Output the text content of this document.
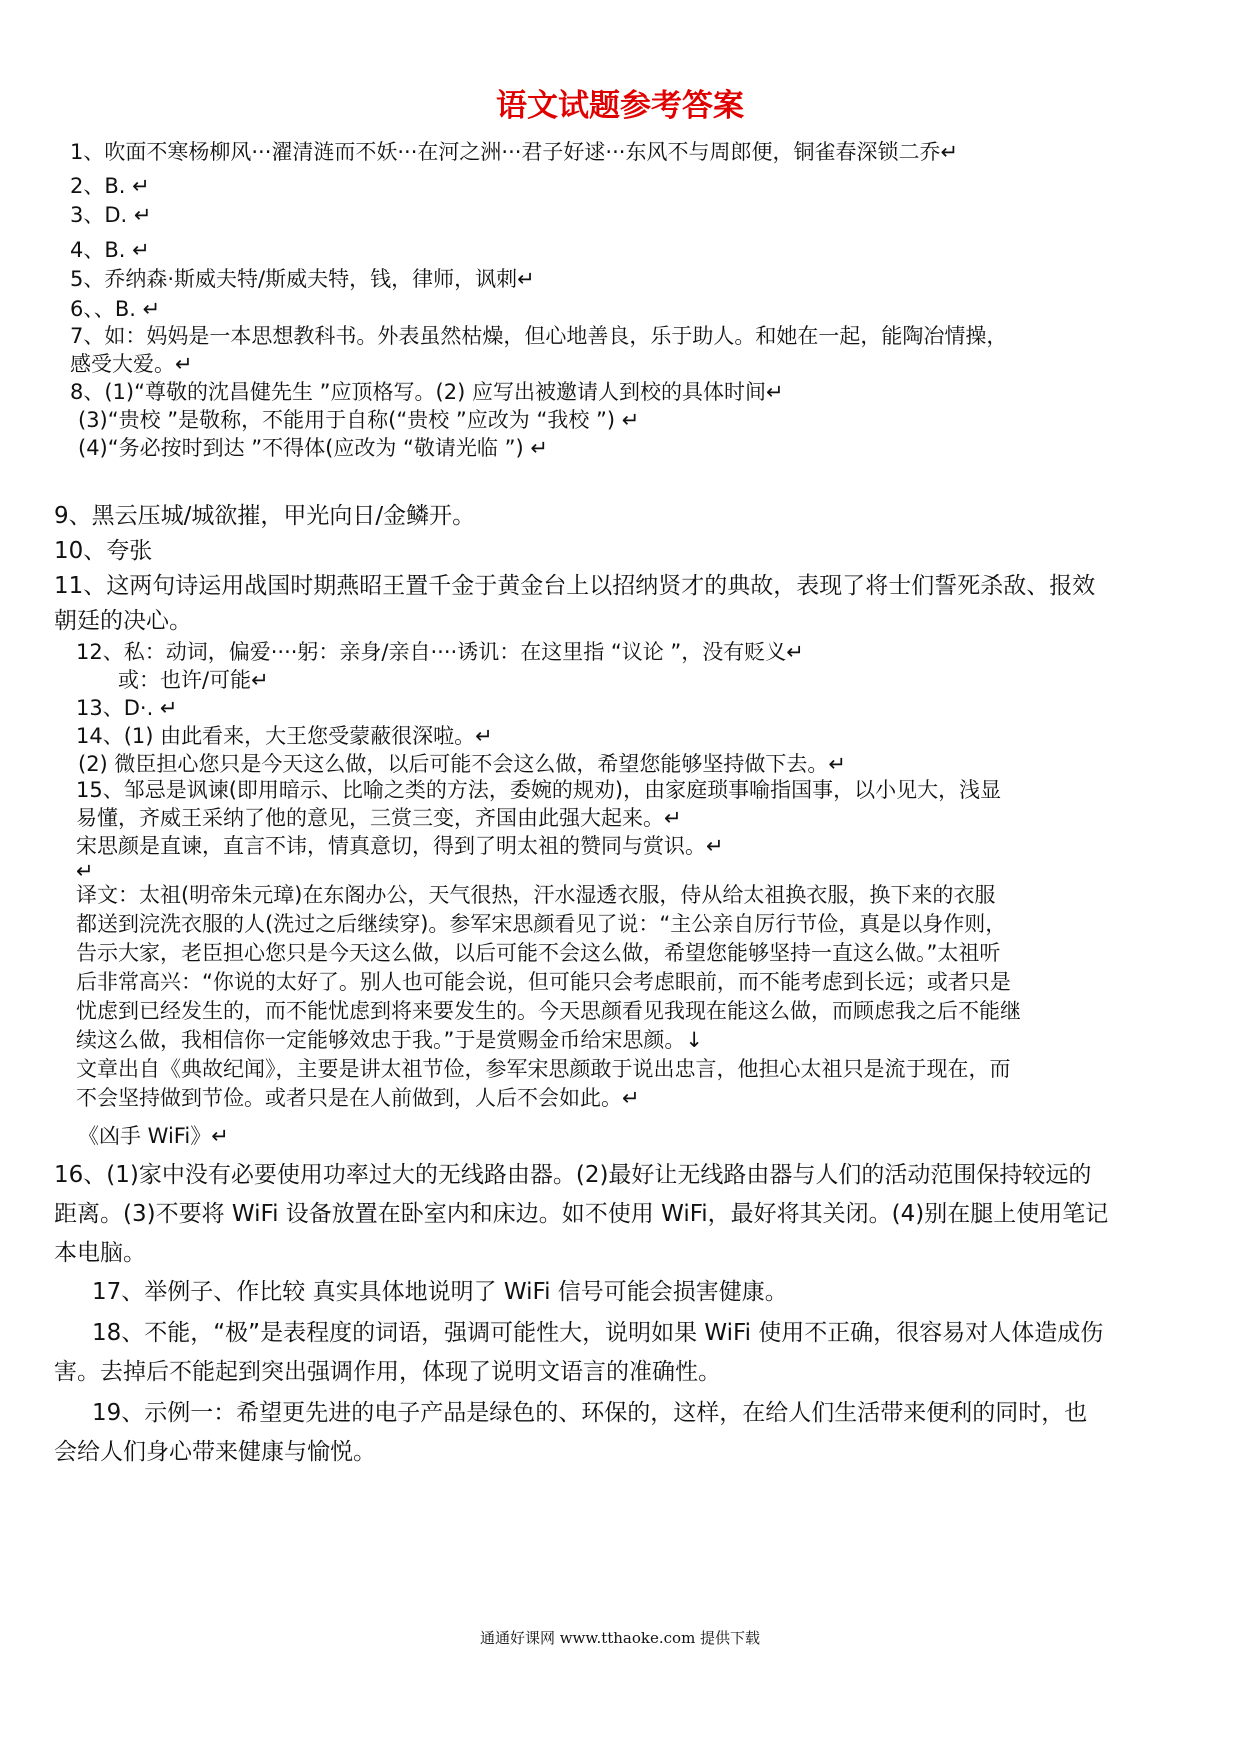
语文试题参考答案
1、吹面不寒杨柳风···濯清涟而不妖···在河之洲···君子好逑···东风不与周郎便，铜雀春深锁二乔↵
2、B. ↵
3、D. ↵
4、B. ↵
5、乔纳森·斯威夫特/斯威夫特，钱，律师，讽刺↵
6、、B. ↵
7、如：妈妈是一本思想教科书。外表虽然枯燥，但心地善良，乐于助人。和她在一起，能陶冶情操，
感受大爱。↵
8、(1)“尊敬的沈昌健先生 ”应顶格写。(2) 应写出被邀请人到校的具体时间↵
(3)“贵校 ”是敬称，不能用于自称(“贵校 ”应改为 “我校 ”) ↵
(4)“务必按时到达 ”不得体(应改为 “敬请光临 ”) ↵
9、黑云压城/城欲摧，甲光向日/金鳞开。
10、夸张
11、这两句诗运用战国时期燕昭王置千金于黄金台上以招纳贤才的典故，表现了将士们誓死杀敌、报效
朝廷的决心。
12、私：动词，偏爱····躬：亲身/亲自····诱讥：在这里指 “议论 ”，没有贬义↵
或：也许/可能↵
13、D·. ↵
14、(1) 由此看来，大王您受蒙蔽很深啦。↵
(2) 微臣担心您只是今天这么做，以后可能不会这么做，希望您能够坚持做下去。↵
15、邹忌是讽谏(即用暗示、比喻之类的方法，委婉的规劝)，由家庭琐事喻指国事，以小见大，浅显
易懂，齐威王采纳了他的意见，三赏三变，齐国由此强大起来。↵
宋思颜是直谏，直言不讳，情真意切，得到了明太祖的赞同与赏识。↵
↵
译文：太祖(明帝朱元璋)在东阁办公，天气很热，汗水湿透衣服，侍从给太祖换衣服，换下来的衣服
都送到浣洗衣服的人(洗过之后继续穿)。参军宋思颜看见了说：“主公亲自厉行节俭，真是以身作则，
告示大家，老臣担心您只是今天这么做，以后可能不会这么做，希望您能够坚持一直这么做。”太祖听
后非常高兴：“你说的太好了。别人也可能会说，但可能只会考虑眼前，而不能考虑到长远；或者只是
忧虑到已经发生的，而不能忧虑到将来要发生的。今天思颜看见我现在能这么做，而顾虑我之后不能继
续这么做，我相信你一定能够效忠于我。”于是赏赐金币给宋思颜。↓
文章出自《典故纪闻》，主要是讲太祖节俭，参军宋思颜敢于说出忠言，他担心太祖只是流于现在，而
不会坚持做到节俭。或者只是在人前做到，人后不会如此。↵
《凶手 WiFi》↵
16、(1)家中没有必要使用功率过大的无线路由器。(2)最好让无线路由器与人们的活动范围保持较远的
距离。(3)不要将 WiFi 设备放置在卧室内和床边。如不使用 WiFi，最好将其关闭。(4)别在腿上使用笔记
本电脑。
17、举例子、作比较 真实具体地说明了 WiFi 信号可能会损害健康。
18、不能，“极”是表程度的词语，强调可能性大，说明如果 WiFi 使用不正确，很容易对人体造成伤
害。去掉后不能起到突出强调作用，体现了说明文语言的准确性。
19、示例一：希望更先进的电子产品是绿色的、环保的，这样，在给人们生活带来便利的同时，也
会给人们身心带来健康与愉悦。
通通好课网 www.tthaoke.com 提供下载
